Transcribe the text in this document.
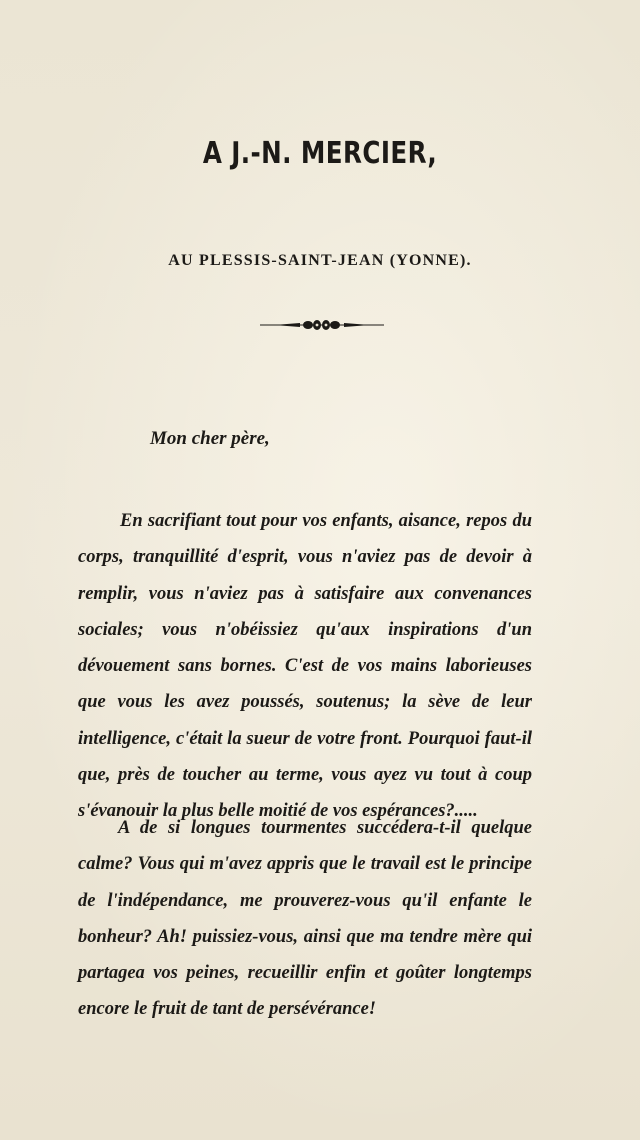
A J.-N. MERCIER,
AU PLESSIS-SAINT-JEAN (YONNE).
Mon cher père,
En sacrifiant tout pour vos enfants, aisance, repos du corps, tranquillité d'esprit, vous n'aviez pas de devoir à remplir, vous n'aviez pas à satisfaire aux convenances sociales; vous n'obéissiez qu'aux inspirations d'un dévouement sans bornes. C'est de vos mains laborieuses que vous les avez poussés, soutenus; la sève de leur intelligence, c'était la sueur de votre front. Pourquoi faut-il que, près de toucher au terme, vous ayez vu tout à coup s'évanouir la plus belle moitié de vos espérances?.....
A de si longues tourmentes succédera-t-il quelque calme? Vous qui m'avez appris que le travail est le principe de l'indépendance, me prouverez-vous qu'il enfante le bonheur? Ah! puissiez-vous, ainsi que ma tendre mère qui partagea vos peines, recueillir enfin et goûter longtemps encore le fruit de tant de persévérance!
